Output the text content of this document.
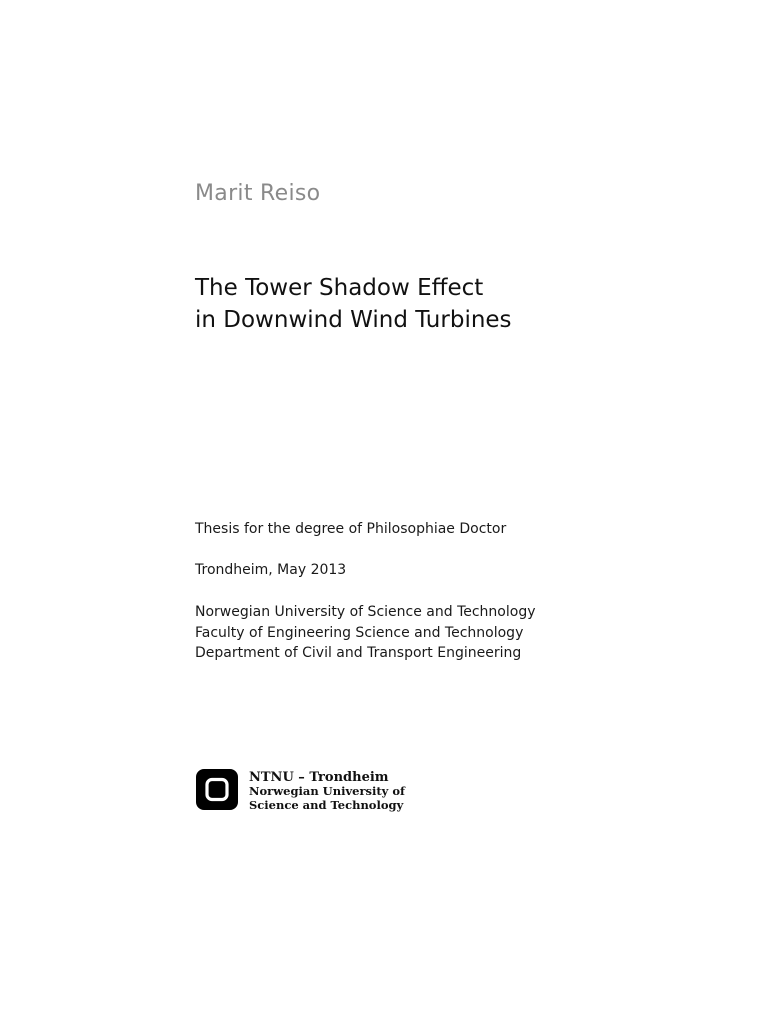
Marit Reiso
The Tower Shadow Effect
in Downwind Wind Turbines
Thesis for the degree of Philosophiae Doctor
Trondheim, May 2013
Norwegian University of Science and Technology
Faculty of Engineering Science and Technology
Department of Civil and Transport Engineering
NTNU – Trondheim
Norwegian University of
Science and Technology
